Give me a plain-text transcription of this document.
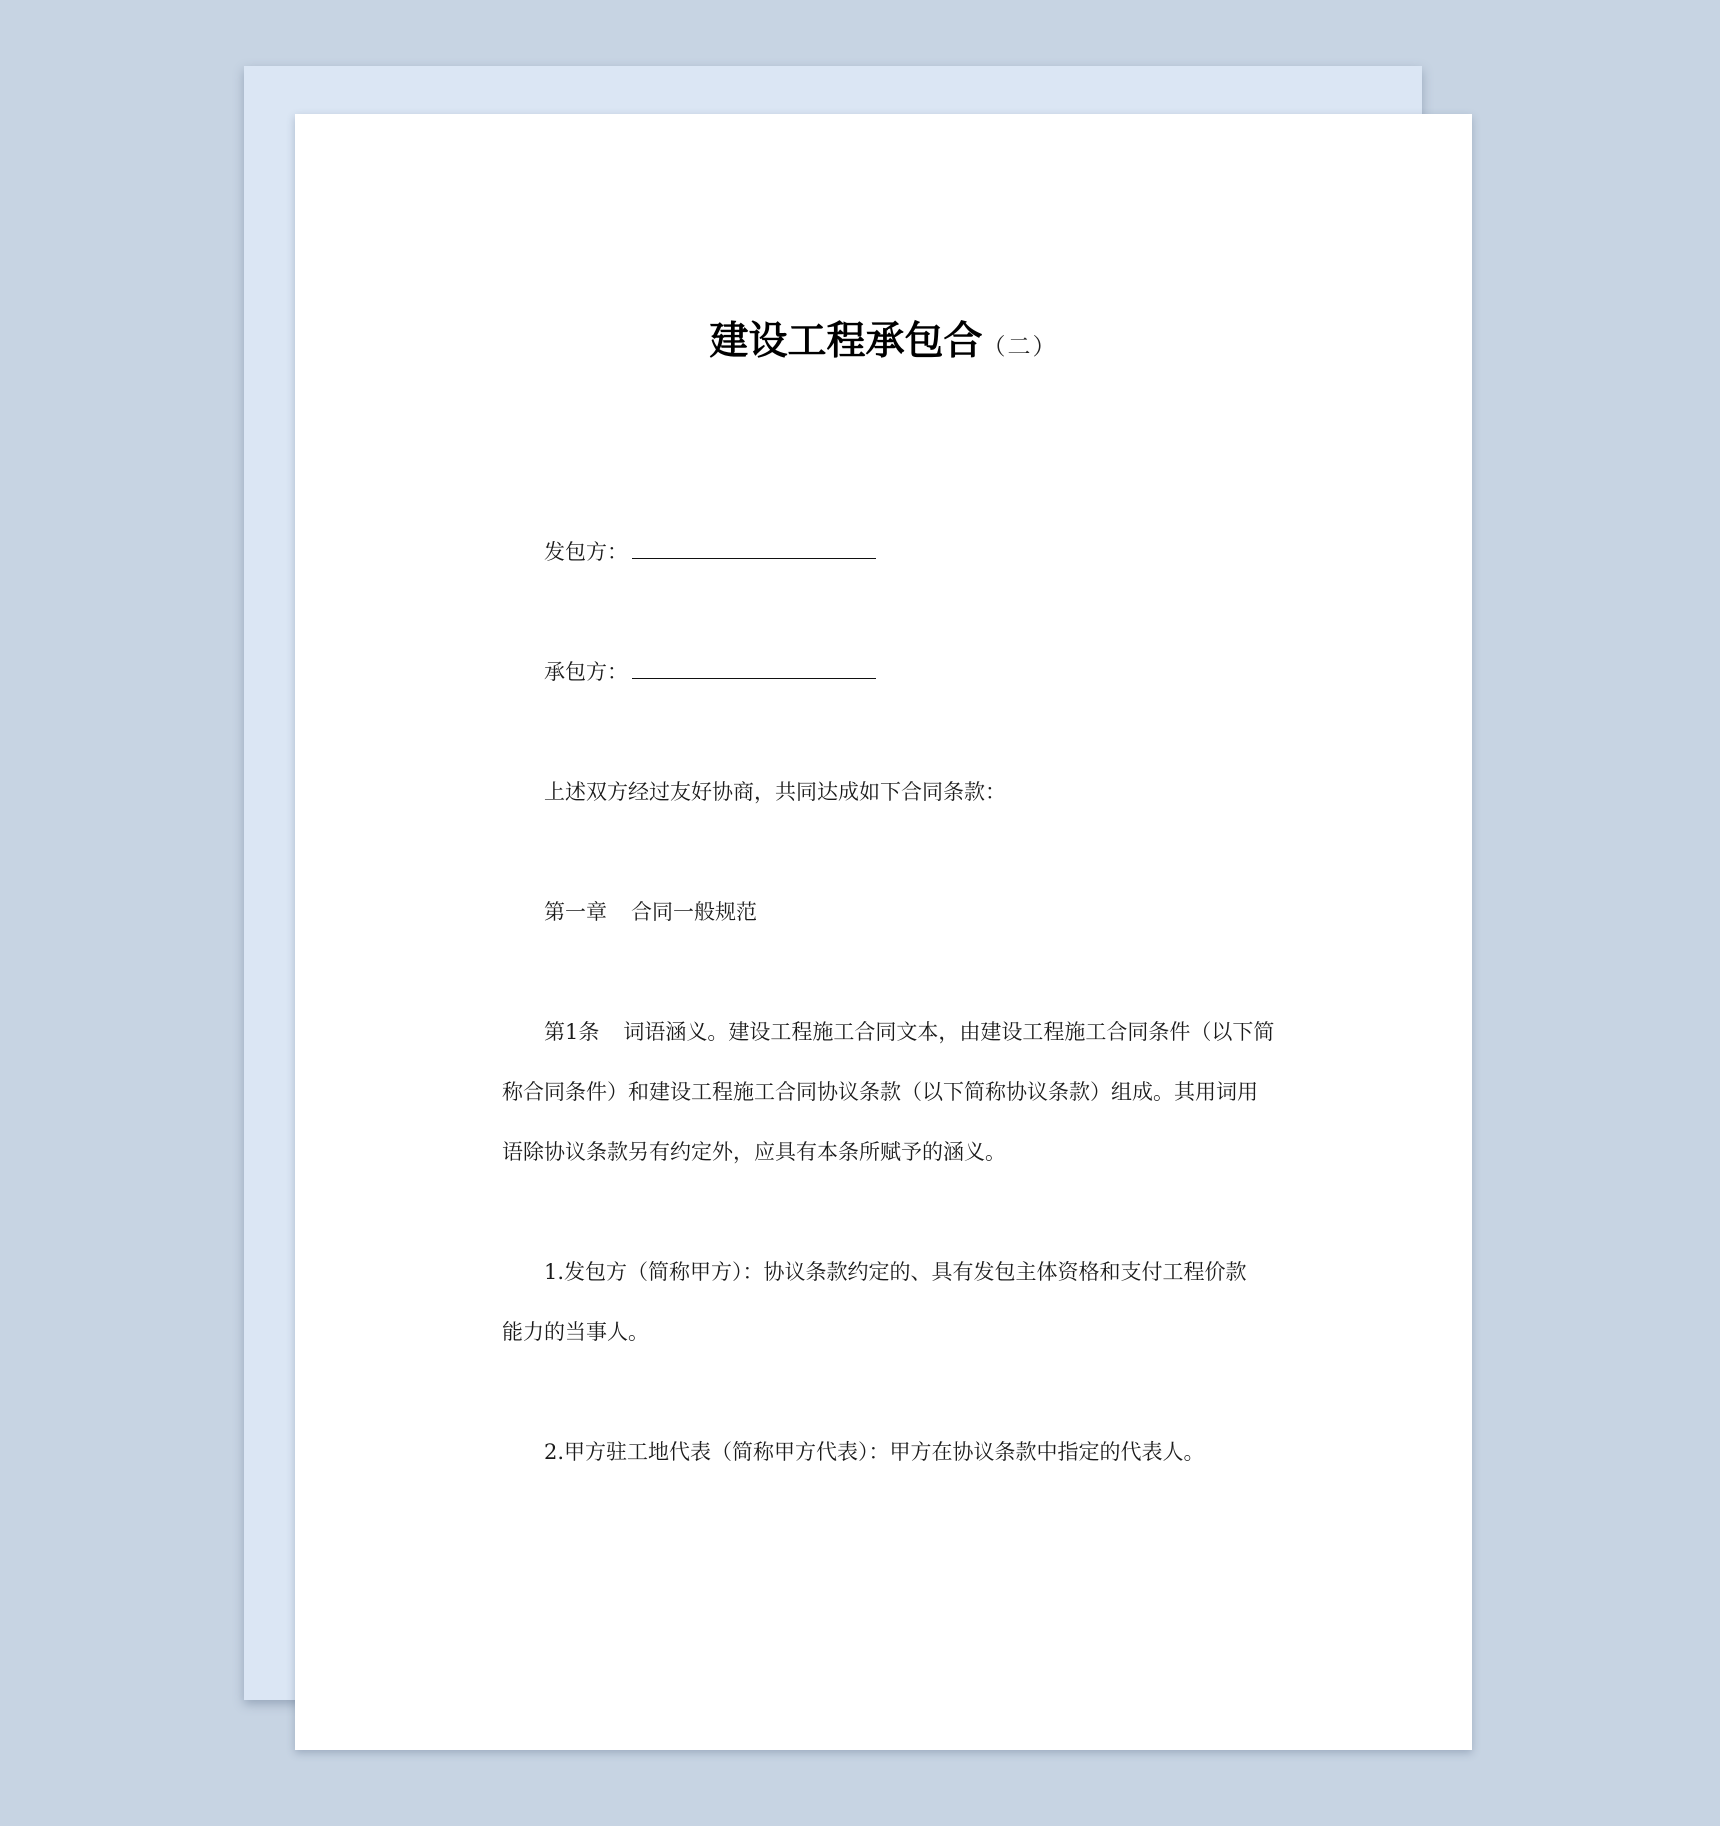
建设工程承包合（二）
发包方：
承包方：
上述双方经过友好协商，共同达成如下合同条款：
第一章 合同一般规范
第1条 词语涵义。建设工程施工合同文本，由建设工程施工合同条件（以下简
称合同条件）和建设工程施工合同协议条款（以下简称协议条款）组成。其用词用
语除协议条款另有约定外，应具有本条所赋予的涵义。
1.发包方（简称甲方）：协议条款约定的、具有发包主体资格和支付工程价款
能力的当事人。
2.甲方驻工地代表（简称甲方代表）：甲方在协议条款中指定的代表人。
